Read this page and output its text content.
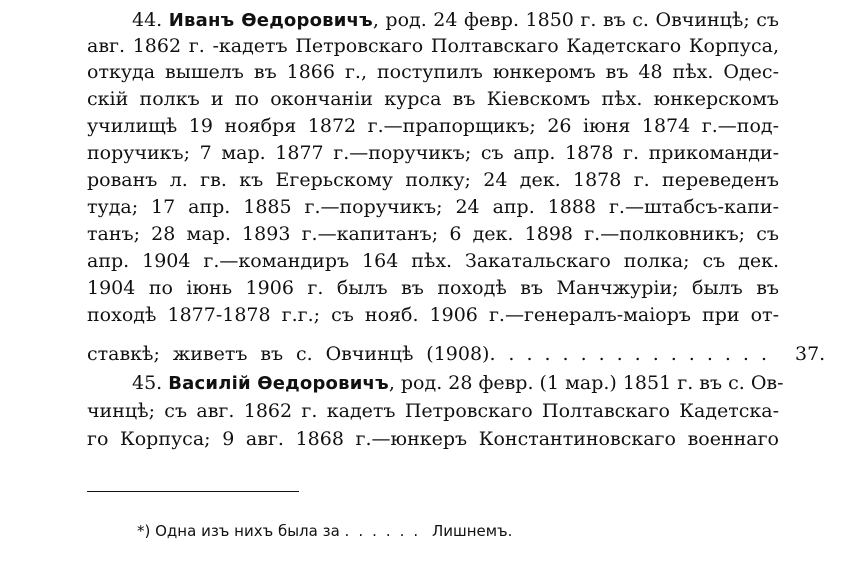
44. Иванъ Өедоровичъ, род. 24 февр. 1850 г. въ с. Овчинцѣ; съ
авг. 1862 г. -кадетъ Петровскаго Полтавскаго Кадетскаго Корпуса,
откуда вышелъ въ 1866 г., поступилъ юнкеромъ въ 48 пѣх. Одес-
скій полкъ и по окончаніи курса въ Кіевскомъ пѣх. юнкерскомъ
училищѣ 19 ноября 1872 г.—прапорщикъ; 26 іюня 1874 г.—под-
поручикъ; 7 мар. 1877 г.—поручикъ; съ апр. 1878 г. прикоманди-
рованъ л. гв. къ Егерьскому полку; 24 дек. 1878 г. переведенъ
туда; 17 апр. 1885 г.—поручикъ; 24 апр. 1888 г.—штабсъ-капи-
танъ; 28 мар. 1893 г.—капитанъ; 6 дек. 1898 г.—полковникъ; съ
апр. 1904 г.—командиръ 164 пѣх. Закатальскаго полка; съ дек.
1904 по іюнь 1906 г. былъ въ походѣ въ Манчжуріи; былъ въ
походѣ 1877-1878 г.г.; съ нояб. 1906 г.—генералъ-маіоръ при от-
ставкѣ; живетъ въ с. Овчинцѣ (1908). ............... 37.
45. Василій Өедоровичъ, род. 28 февр. (1 мар.) 1851 г. въ с. Ов-
чинцѣ; съ авг. 1862 г. кадетъ Петровскаго Полтавскаго Кадетска-
го Корпуса; 9 авг. 1868 г.—юнкеръ Константиновскаго военнаго
*) Одна изъ нихъ была за ...... Лишнемъ.
